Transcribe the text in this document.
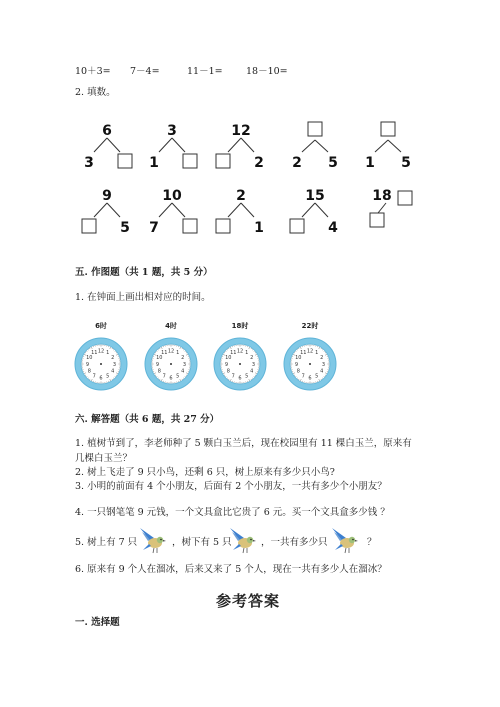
10＋3= 7－4=	11－1= 18－10=
2. 填数。
6
3
3
1
12
2 2 5 1 5
9
5
10
7
2
1
15
4
18
五. 作图题（共 1 题，共 5 分）
1. 在钟面上画出相对应的时间。
6时
12 1
2
3
4
5
6
7
8
9
10
11
4时
12 1
2
3
4
5
6
7
8
9
10
11
18时
12 1
2
3
4
5
6
7
8
9
10
11
22时
12 1
2
3
4
5
6
7
8
9
10
11
六. 解答题（共 6 题，共 27 分）
1. 植树节到了，李老师种了 5 颗白玉兰后，现在校园里有 11 棵白玉兰，原来有
几棵白玉兰？
2. 树上飞走了 9 只小鸟，还剩 6 只，树上原来有多少只小鸟?
3. 小明的前面有 4 个小朋友，后面有 2 个小朋友，一共有多少个小朋友？
4. 一只钢笔笔 9 元钱，一个文具盒比它贵了 6 元。买一个文具盒多少钱 ？
5. 树上有 7 只	，树下有 5 只	，一共有多少只	？
6. 原来有 9 个人在溜冰，后来又来了 5 个人，现在一共有多少人在溜冰？
参考答案
一. 选择题
